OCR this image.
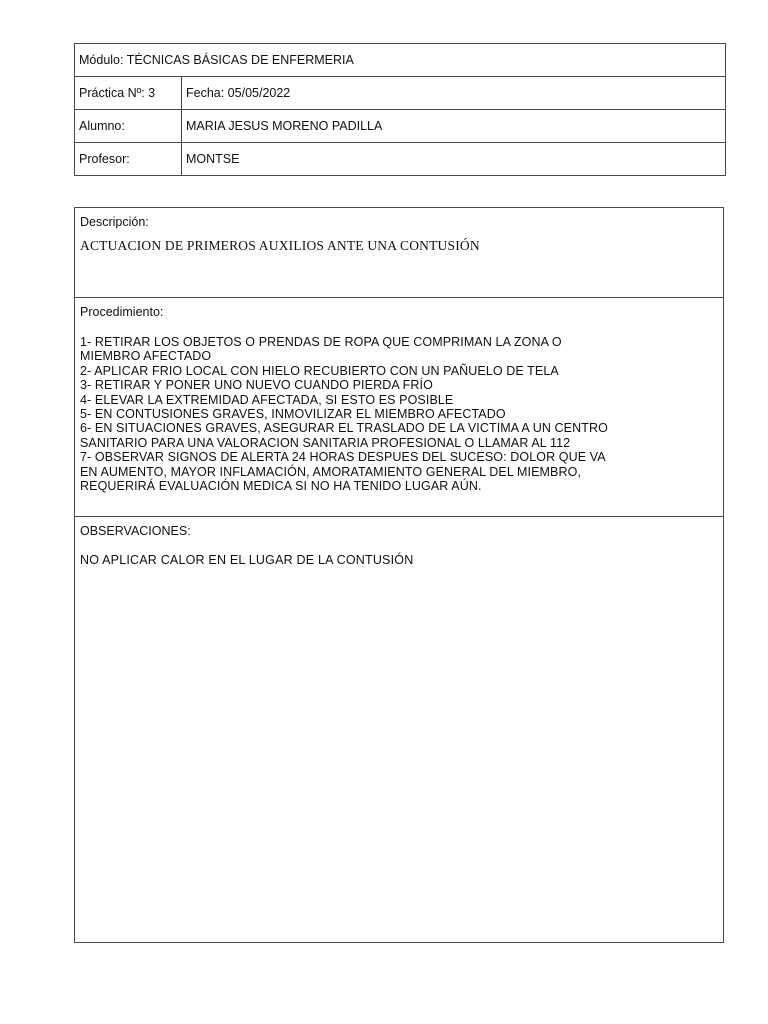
Módulo: TÉCNICAS BÁSICAS DE ENFERMERIA	
Práctica Nº: 3	Fecha: 05/05/2022
Alumno:	MARIA JESUS MORENO PADILLA
Profesor:	MONTSE
Descripción:
ACTUACION DE PRIMEROS AUXILIOS ANTE UNA CONTUSIÓN
Procedimiento:
1- RETIRAR LOS OBJETOS O PRENDAS DE ROPA QUE COMPRIMAN LA ZONA O
MIEMBRO AFECTADO
2- APLICAR FRIO LOCAL CON HIELO RECUBIERTO CON UN PAÑUELO DE TELA
3- RETIRAR Y PONER UNO NUEVO CUANDO PIERDA FRÍO
4- ELEVAR LA EXTREMIDAD AFECTADA, SI ESTO ES POSIBLE
5- EN CONTUSIONES GRAVES, INMOVILIZAR EL MIEMBRO AFECTADO
6- EN SITUACIONES GRAVES, ASEGURAR EL TRASLADO DE LA VICTIMA A UN CENTRO
SANITARIO PARA UNA VALORACION SANITARIA PROFESIONAL O LLAMAR AL 112
7- OBSERVAR SIGNOS DE ALERTA 24 HORAS DESPUES DEL SUCESO: DOLOR QUE VA
EN AUMENTO, MAYOR INFLAMACIÓN, AMORATAMIENTO GENERAL DEL MIEMBRO,
REQUERIRÁ EVALUACIÓN MEDICA SI NO HA TENIDO LUGAR AÚN.
OBSERVACIONES:
NO APLICAR CALOR EN EL LUGAR DE LA CONTUSIÓN
